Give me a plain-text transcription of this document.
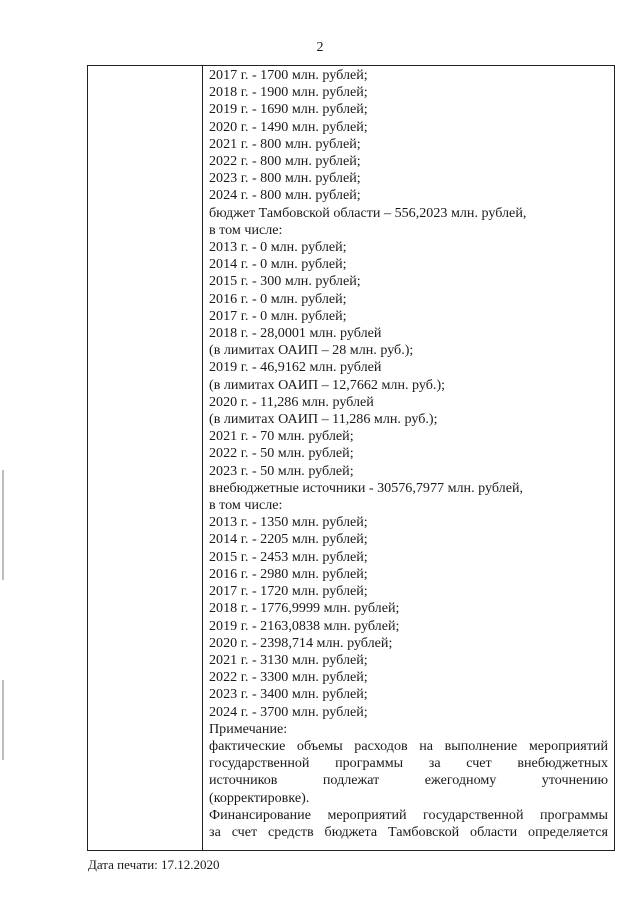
2
2017 г. - 1700 млн. рублей;
2018 г. - 1900 млн. рублей;
2019 г. - 1690 млн. рублей;
2020 г. - 1490 млн. рублей;
2021 г. - 800 млн. рублей;
2022 г. - 800 млн. рублей;
2023 г. - 800 млн. рублей;
2024 г. - 800 млн. рублей;
бюджет Тамбовской области – 556,2023 млн. рублей,
в том числе:
2013 г. - 0 млн. рублей;
2014 г. - 0 млн. рублей;
2015 г. - 300 млн. рублей;
2016 г. - 0 млн. рублей;
2017 г. - 0 млн. рублей;
2018 г. - 28,0001 млн. рублей
(в лимитах ОАИП – 28 млн. руб.);
2019 г. - 46,9162 млн. рублей
(в лимитах ОАИП – 12,7662 млн. руб.);
2020 г. - 11,286 млн. рублей
(в лимитах ОАИП – 11,286 млн. руб.);
2021 г. - 70 млн. рублей;
2022 г. - 50 млн. рублей;
2023 г. - 50 млн. рублей;
внебюджетные источники - 30576,7977 млн. рублей,
в том числе:
2013 г. - 1350 млн. рублей;
2014 г. - 2205 млн. рублей;
2015 г. - 2453 млн. рублей;
2016 г. - 2980 млн. рублей;
2017 г. - 1720 млн. рублей;
2018 г. - 1776,9999 млн. рублей;
2019 г. - 2163,0838 млн. рублей;
2020 г. - 2398,714 млн. рублей;
2021 г. - 3130 млн. рублей;
2022 г. - 3300 млн. рублей;
2023 г. - 3400 млн. рублей;
2024 г. - 3700 млн. рублей;
Примечание:
фактические объемы расходов на выполнение мероприятий
государственной программы за счет внебюджетных
источников подлежат ежегодному уточнению
(корректировке).
Финансирование мероприятий государственной программы
за счет средств бюджета Тамбовской области определяется
Дата печати: 17.12.2020
